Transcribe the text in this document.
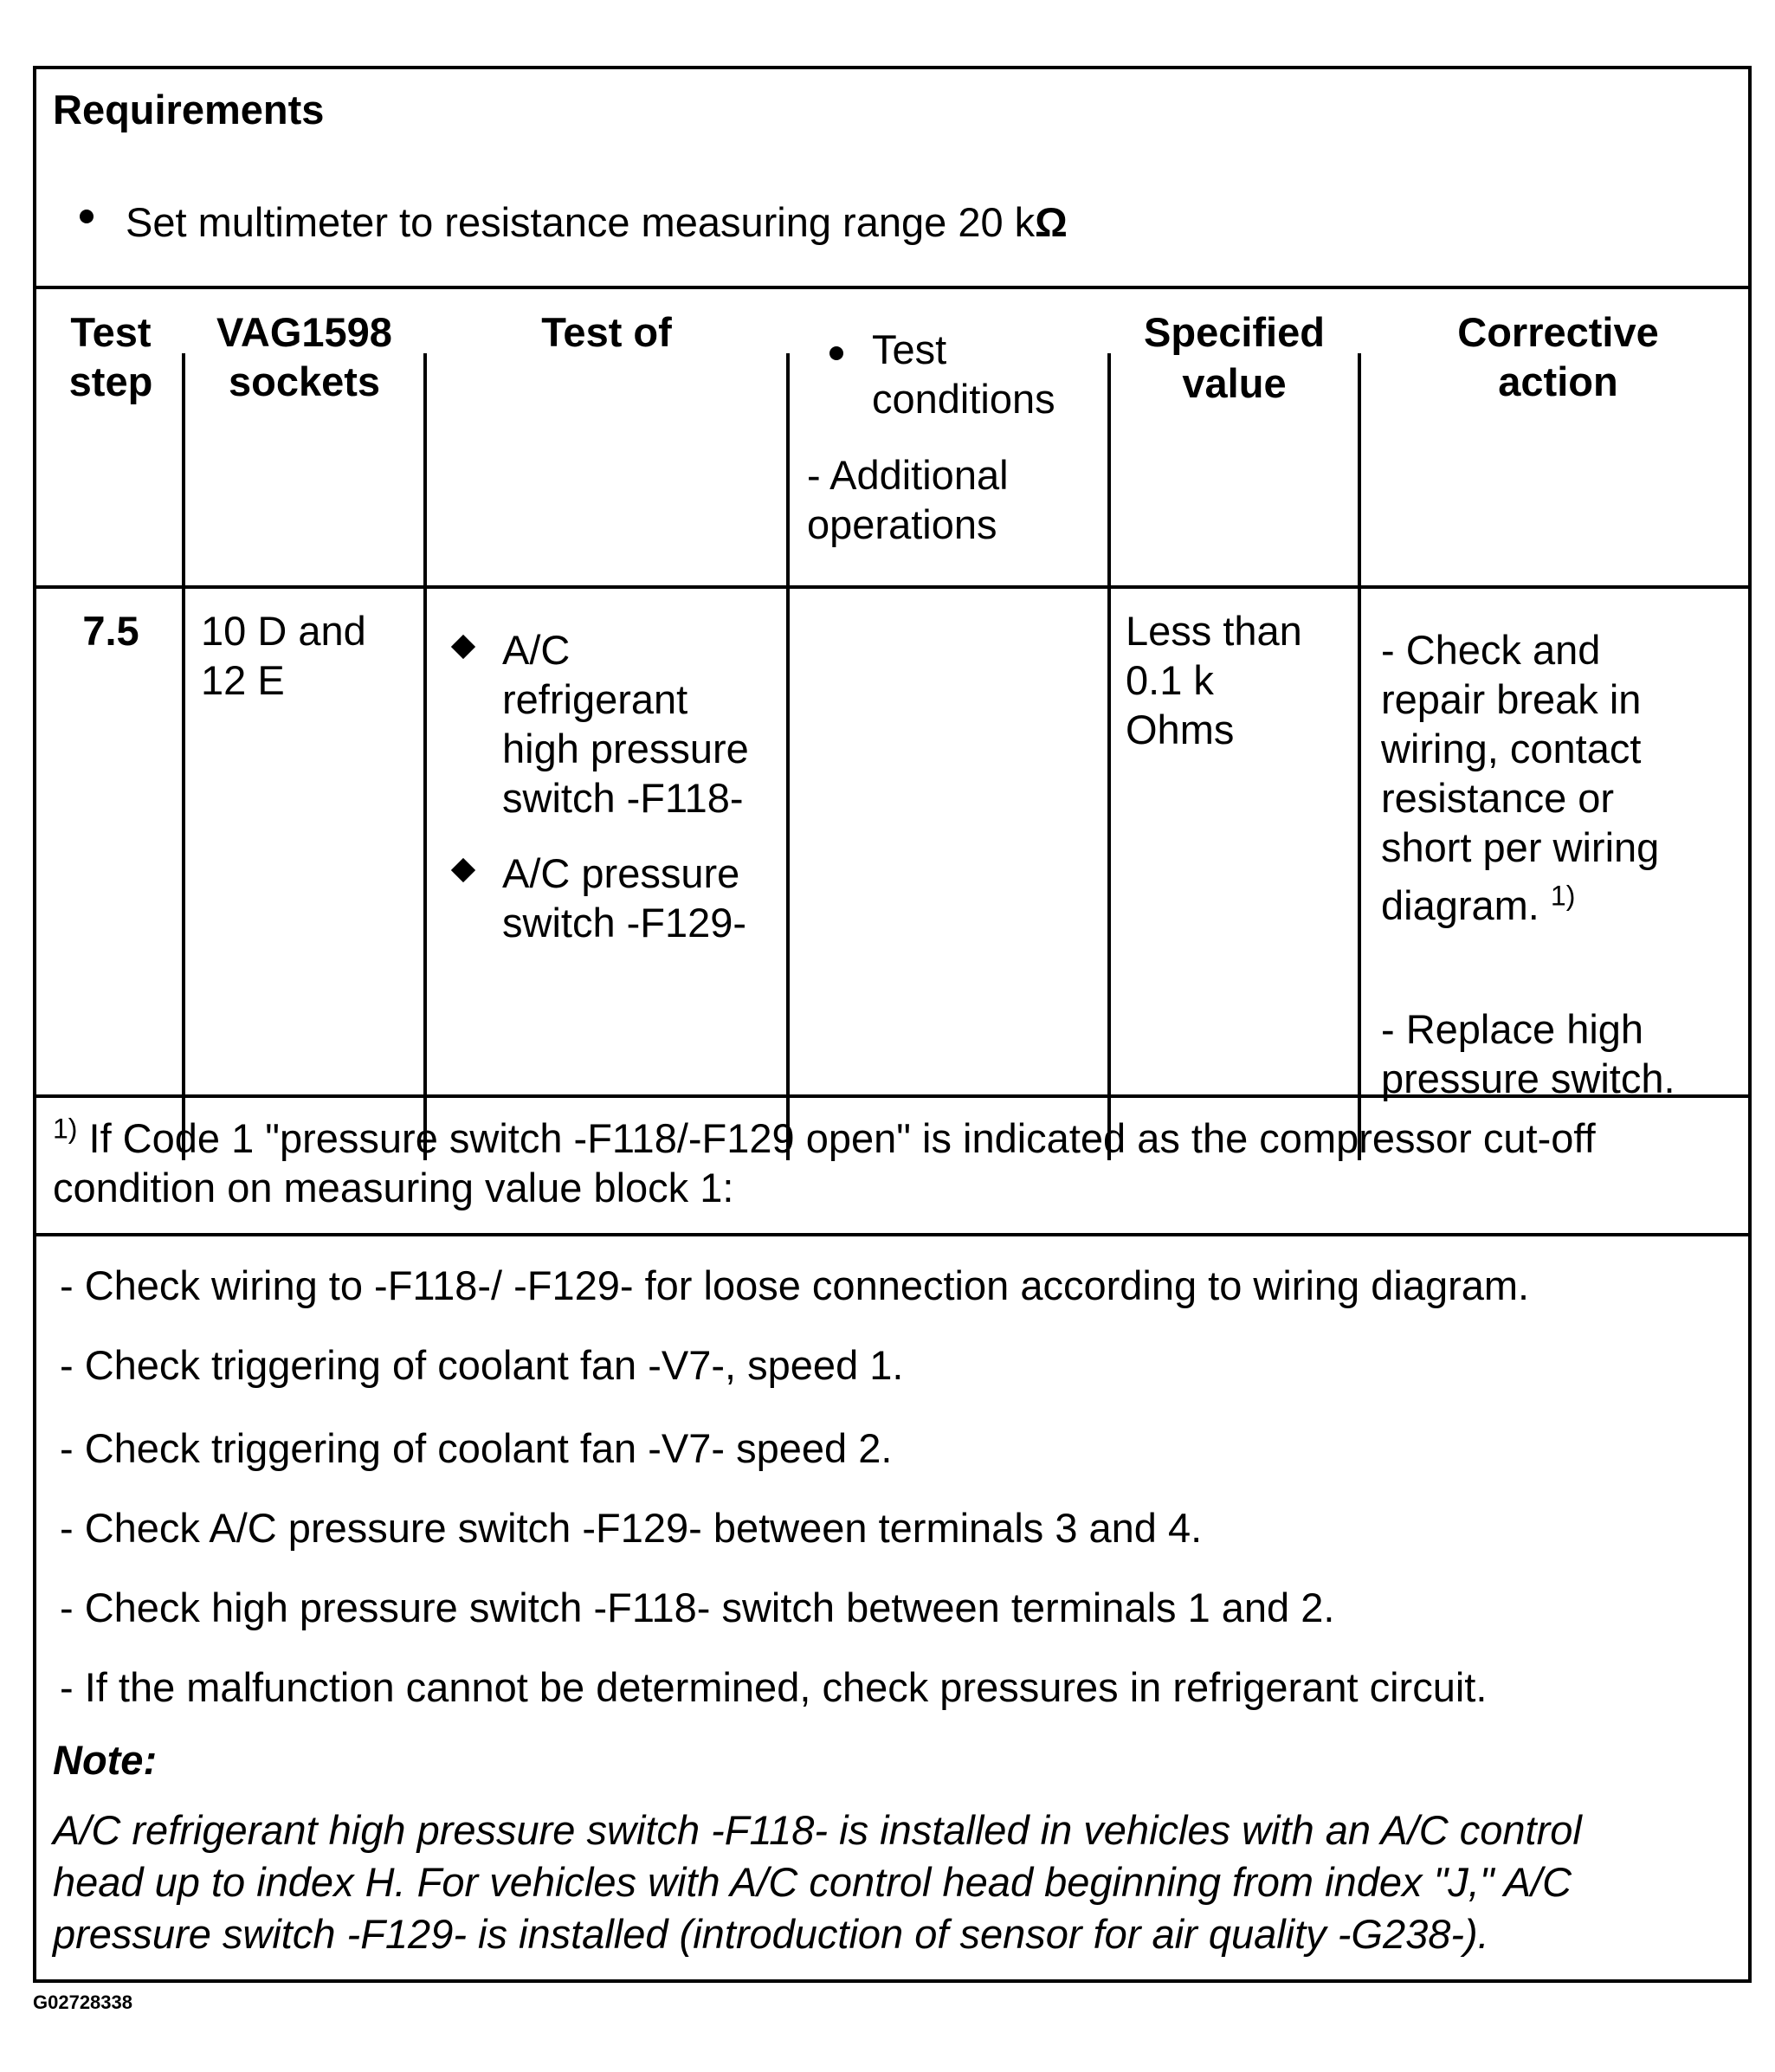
Requirements
Set multimeter to resistance measuring range 20 kΩ
Test
step
VAG1598
sockets
Test of	Test
conditions
- Additional
operations
Specified
value
Corrective
action
7.5	10 D and
12 E
A/C
refrigerant
high pressure
switch -F118-
A/C pressure
switch -F129-
Less than
0.1 k
Ohms
- Check and
repair break in
wiring, contact
resistance or
short per wiring
diagram. $^{1)}$
- Replace high
pressure switch.
$^{1)}$ If Code 1 "pressure switch -F118/-F129 open" is indicated as the compressor cut-off
condition on measuring value block 1:
- Check wiring to -F118-/ -F129- for loose connection according to wiring diagram.
- Check triggering of coolant fan -V7-, speed 1.
- Check triggering of coolant fan -V7- speed 2.
- Check A/C pressure switch -F129- between terminals 3 and 4.
- Check high pressure switch -F118- switch between terminals 1 and 2.
- If the malfunction cannot be determined, check pressures in refrigerant circuit.
Note:
A/C refrigerant high pressure switch -F118- is installed in vehicles with an A/C control
head up to index H. For vehicles with A/C control head beginning from index "J," A/C
pressure switch -F129- is installed (introduction of sensor for air quality -G238-).
G02728338
